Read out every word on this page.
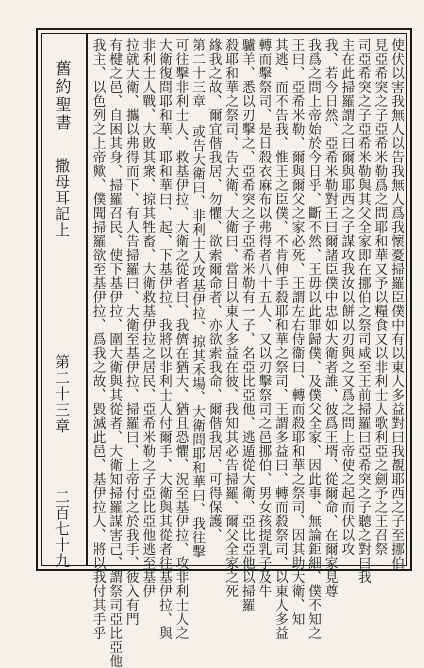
舊約聖書
撒母耳記上
第二十三章
二百七十九	使伏以害我無人以告我無人爲我懷憂掃羅臣僕中有以東人多益對曰我覩耶西之子至挪伯
見亞希突之子亞希米勒爲之問耶和華又予以糧食又以非利士人歌利亞之劍予之王召祭
司亞希突之子亞希米勒與其父全家即在挪伯之祭司咸至王前掃羅曰亞希突之子聽之對曰我
主在此掃羅謂之曰爾與耶西之子謀攻我汝以餅以刃與之又爲之問上帝使之起而伏以攻
我、若今日然、亞希米勒對王曰爾諸臣僕中忠如大衛者誰、彼爲王壻、從爾命、在爾家見尊
我爲之問上帝始於今日乎、斷不然、王毋以此罪歸僕、及僕父全家、因此事、無論鉅細、僕不知之
王曰、亞希米勒、爾與爾父之家必死、王謂左右侍衞曰、轉而殺耶和華之祭司、因其助大衛、知
其逃、而不告我、惟王之臣僕、不肯伸手殺耶和華之祭司、王謂多益曰、轉而殺祭司、以東人多益
轉而擊祭司、是日殺衣麻布以弗得者八十五人、又以刃擊祭司之邑挪伯、男女孩提乳子及牛
驢羊、悉以刃擊之、亞希突之子亞希米勒有一子、名亞比亞他、逃遁從大衛、亞比亞他以掃羅
殺耶和華之祭司、告大衛、大衛曰、當日以東人多益在彼、我知其必告掃羅、爾父全家之死
緣我之故、爾宜偕我居、勿懼、欲索爾命者、亦欲索我命、爾偕我居、可得保護、
第二十三章 或告大衛曰、非利士人攻基伊拉、掠其禾場、大衛問耶和華曰、我往擊
可往擊非利士人、救基伊拉、大衛之從者曰、我儕在猶大、猶且恐懼、況至基伊拉、攻非利士人之
大衛復問耶和華、耶和華曰、起、下基伊拉、我將以非利士人付爾手、大衛與其從者往基伊拉、與
非利士人戰、大敗其衆、掠其牲畜、大衛救基伊拉之居民、亞希米勒之子亞比亞他逃至基伊
拉就大衛、攜以弗得而下、有人告掃羅曰、大衛至基伊拉、掃羅曰、上帝付之於我手、彼入有門
有楗之邑、自困其身、掃羅召民、使下基伊拉、圍大衛與其從者、大衛知掃羅謀害己、謂祭司亞比亞他
我主、以色列之上帝歟、僕聞掃羅欲至基伊拉、爲我之故、毀滅此邑、基伊拉人、將以我付其手乎
